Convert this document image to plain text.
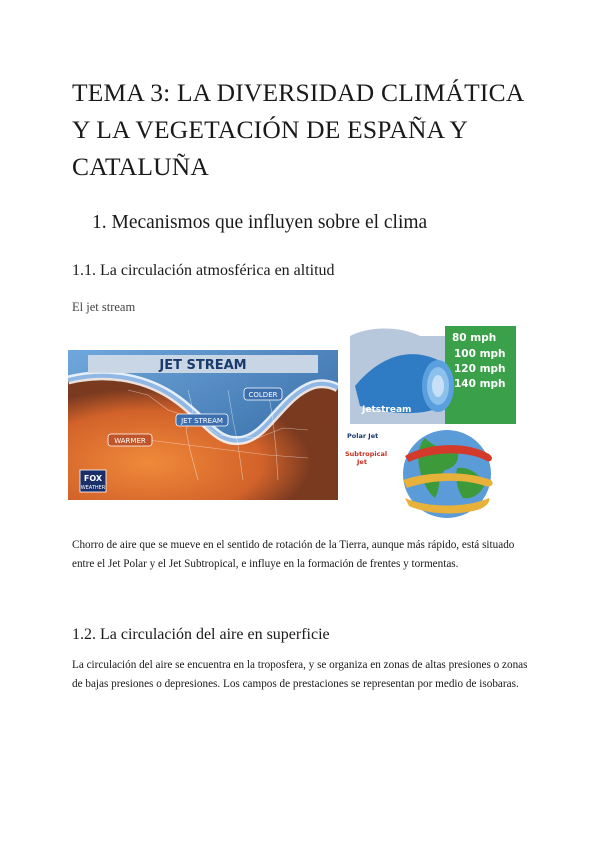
TEMA 3: LA DIVERSIDAD CLIMÁTICA Y LA VEGETACIÓN DE ESPAÑA Y CATALUÑA
1. Mecanismos que influyen sobre el clima
1.1. La circulación atmosférica en altitud

El jet stream

JET STREAM
COLDER
JET STREAM
WARMER
FOX
WEATHER
80 mph
100 mph
120 mph
140 mph
Jetstream
Polar Jet
Subtropical
Jet

Chorro de aire que se mueve en el sentido de rotación de la Tierra, aunque más rápido, está situado entre el Jet Polar y el Jet Subtropical, e influye en la formación de frentes y tormentas.

1.2. La circulación del aire en superficie

La circulación del aire se encuentra en la troposfera, y se organiza en zonas de altas presiones o zonas de bajas presiones o depresiones. Los campos de prestaciones se representan por medio de isobaras.
